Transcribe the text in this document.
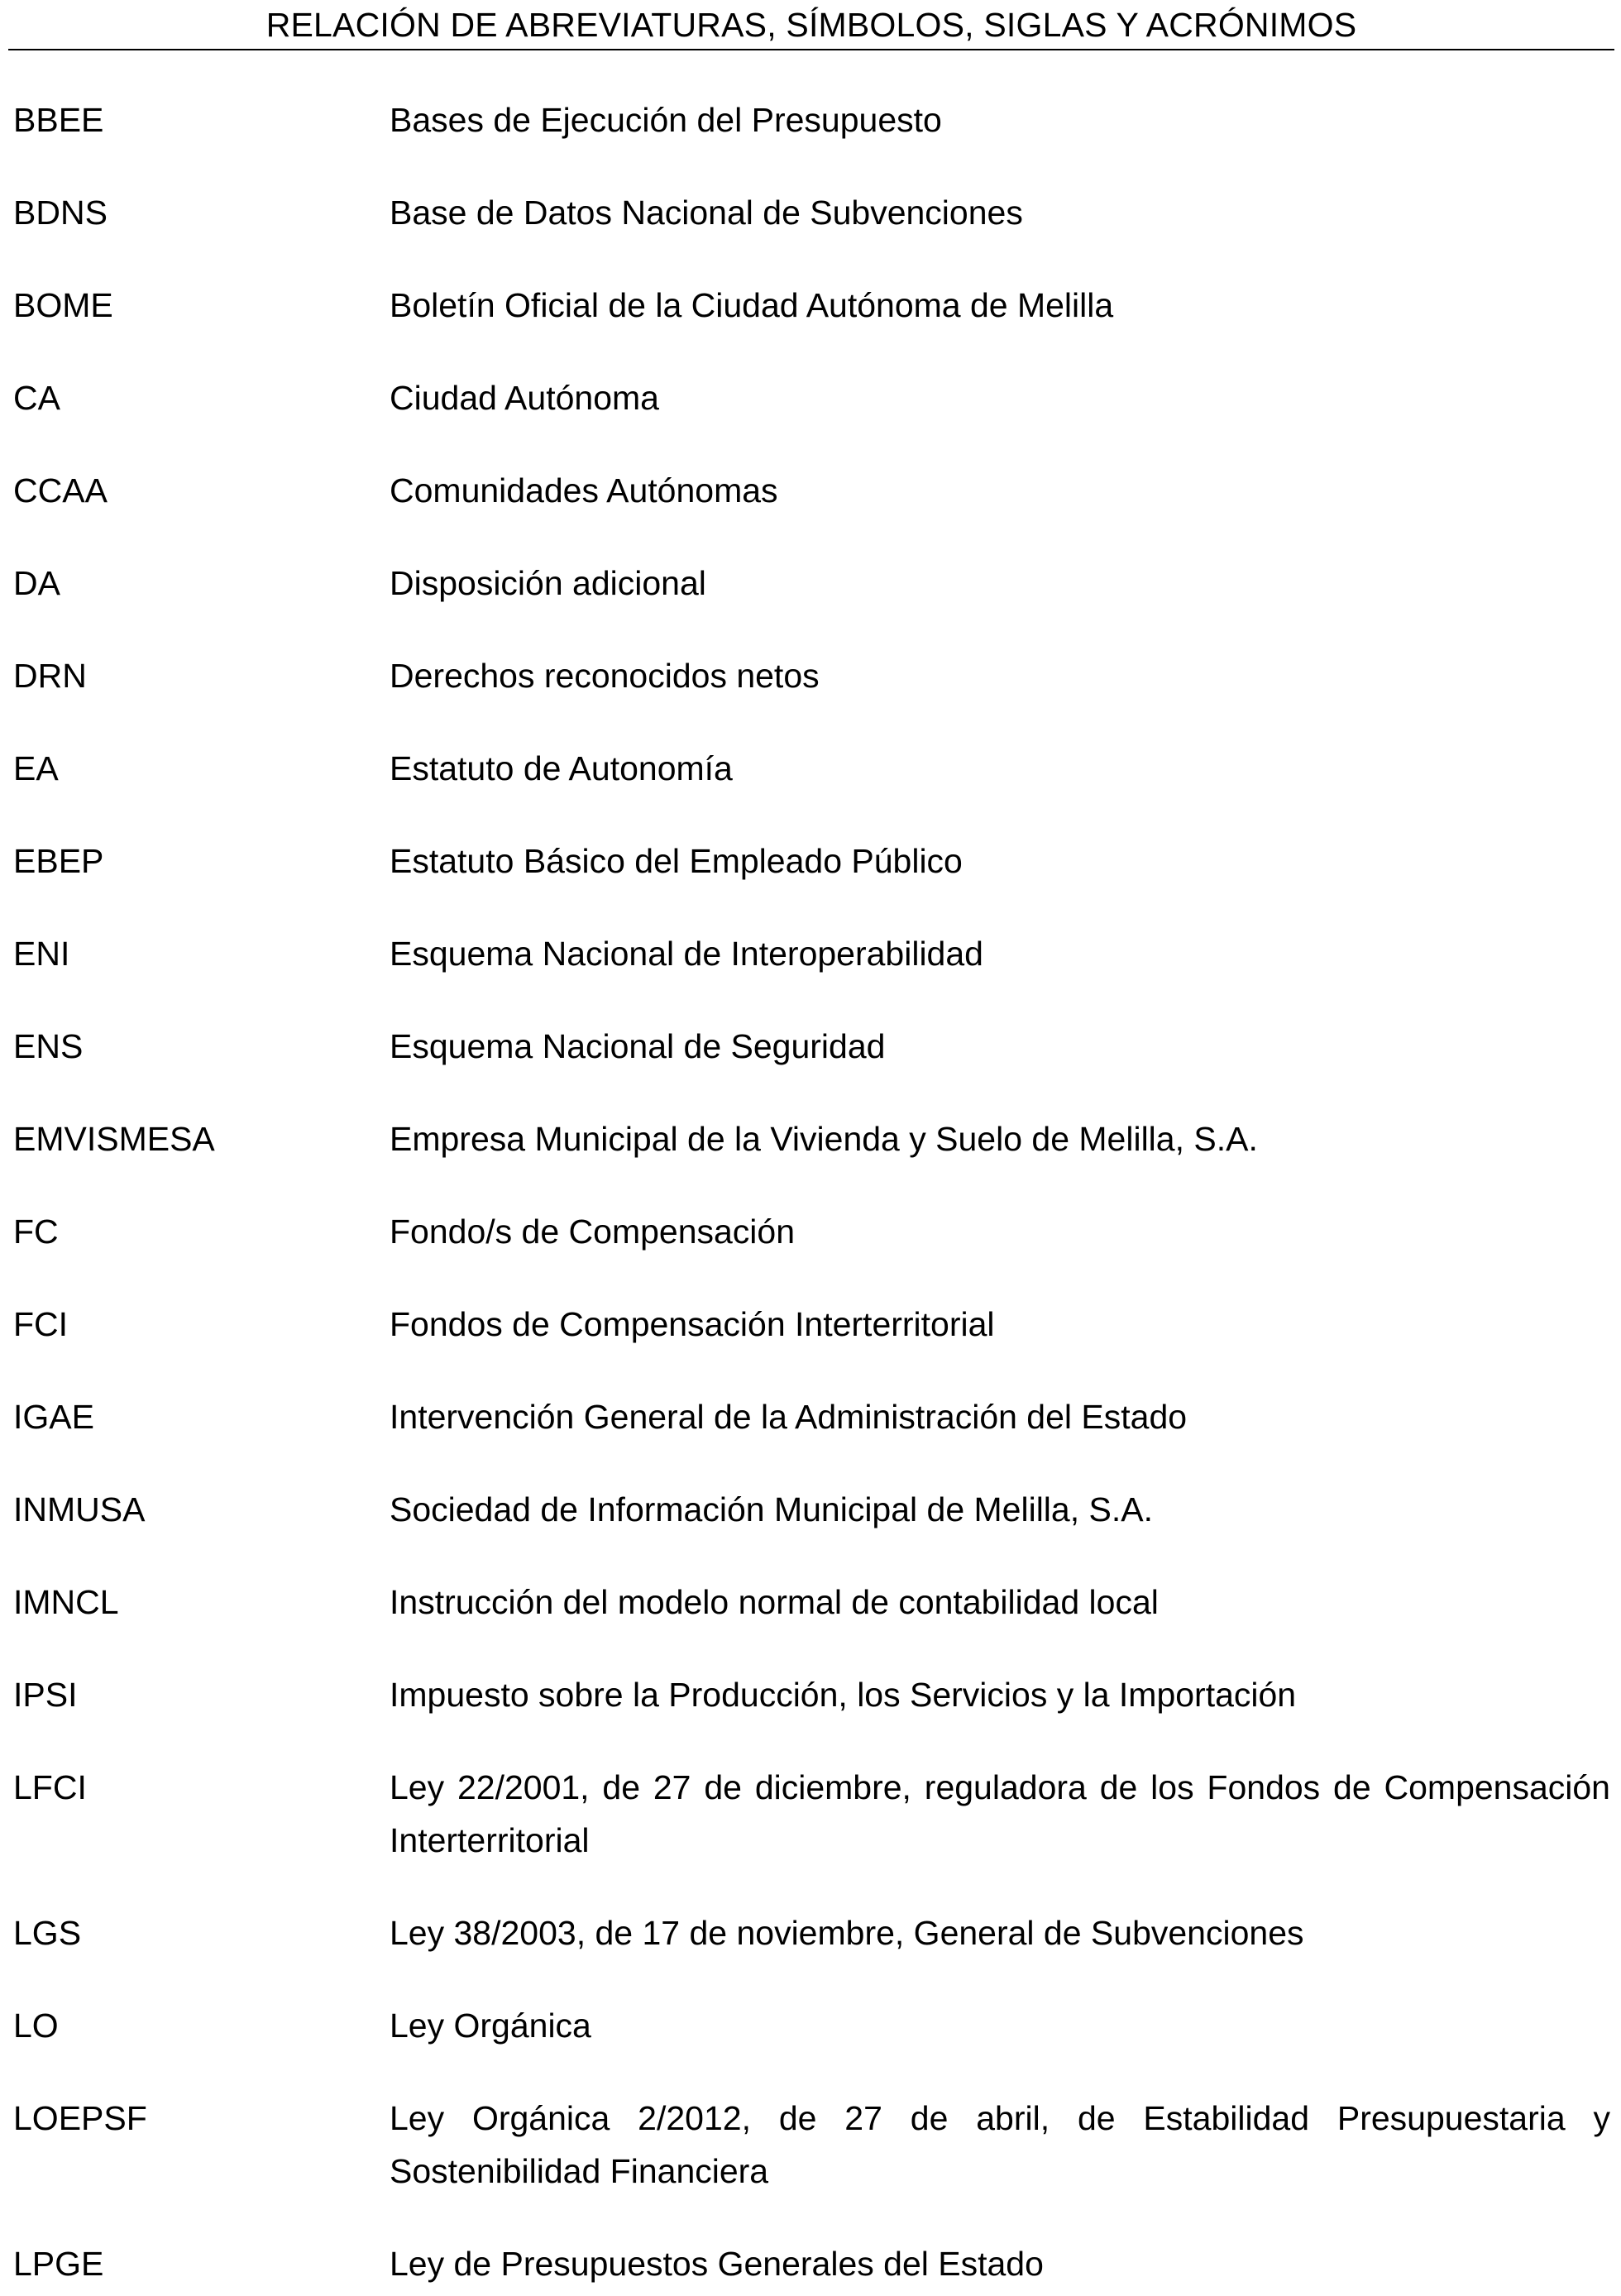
RELACIÓN DE ABREVIATURAS, SÍMBOLOS, SIGLAS Y ACRÓNIMOS
BBEE	Bases de Ejecución del Presupuesto
BDNS	Base de Datos Nacional de Subvenciones
BOME	Boletín Oficial de la Ciudad Autónoma de Melilla
CA	Ciudad Autónoma
CCAA	Comunidades Autónomas
DA	Disposición adicional
DRN	Derechos reconocidos netos
EA	Estatuto de Autonomía
EBEP	Estatuto Básico del Empleado Público
ENI	Esquema Nacional de Interoperabilidad
ENS	Esquema Nacional de Seguridad
EMVISMESA	Empresa Municipal de la Vivienda y Suelo de Melilla, S.A.
FC	Fondo/s de Compensación
FCI	Fondos de Compensación Interterritorial
IGAE	Intervención General de la Administración del Estado
INMUSA	Sociedad de Información Municipal de Melilla, S.A.
IMNCL	Instrucción del modelo normal de contabilidad local
IPSI	Impuesto sobre la Producción, los Servicios y la Importación
LFCI	Ley 22/2001, de 27 de diciembre, reguladora de los Fondos de Compensación Interterritorial
LGS	Ley 38/2003, de 17 de noviembre, General de Subvenciones
LO	Ley Orgánica
LOEPSF	Ley Orgánica 2/2012, de 27 de abril, de Estabilidad Presupuestaria y Sostenibilidad Financiera
LPGE	Ley de Presupuestos Generales del Estado
